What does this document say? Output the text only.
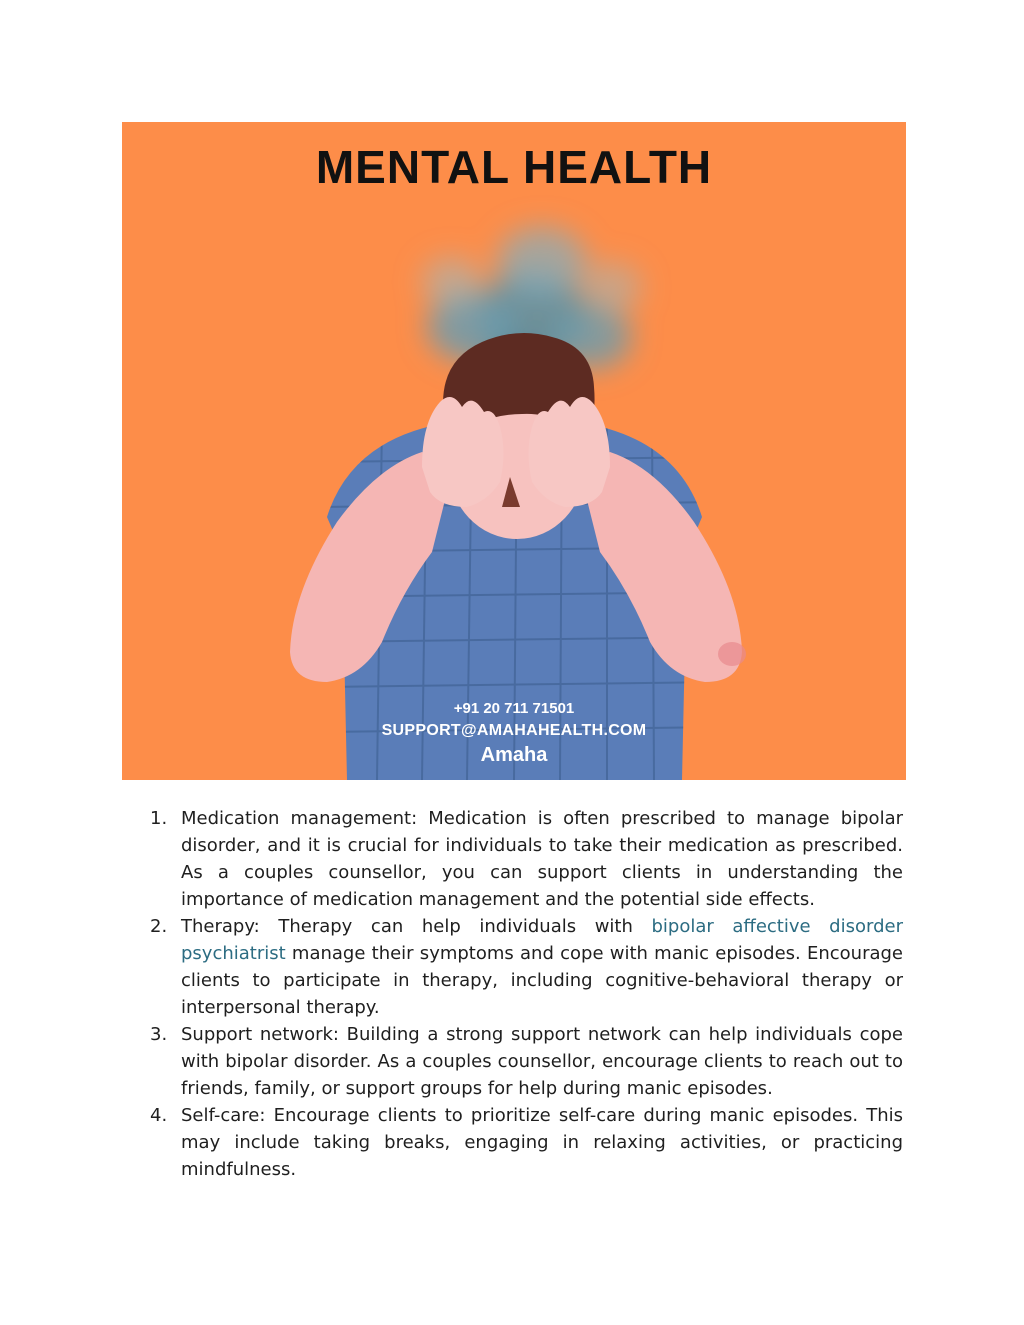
MENTAL HEALTH
+91 20 711 71501
SUPPORT@AMAHAHEALTH.COM
Amaha
1. Medication management: Medication is often prescribed to manage bipolar disorder, and it is crucial for individuals to take their medication as prescribed. As a couples counsellor, you can support clients in understanding the importance of medication management and the potential side effects.
2. Therapy: Therapy can help individuals with bipolar affective disorder psychiatrist manage their symptoms and cope with manic episodes. Encourage clients to participate in therapy, including cognitive-behavioral therapy or interpersonal therapy.
3. Support network: Building a strong support network can help individuals cope with bipolar disorder. As a couples counsellor, encourage clients to reach out to friends, family, or support groups for help during manic episodes.
4. Self-care: Encourage clients to prioritize self-care during manic episodes. This may include taking breaks, engaging in relaxing activities, or practicing mindfulness.
